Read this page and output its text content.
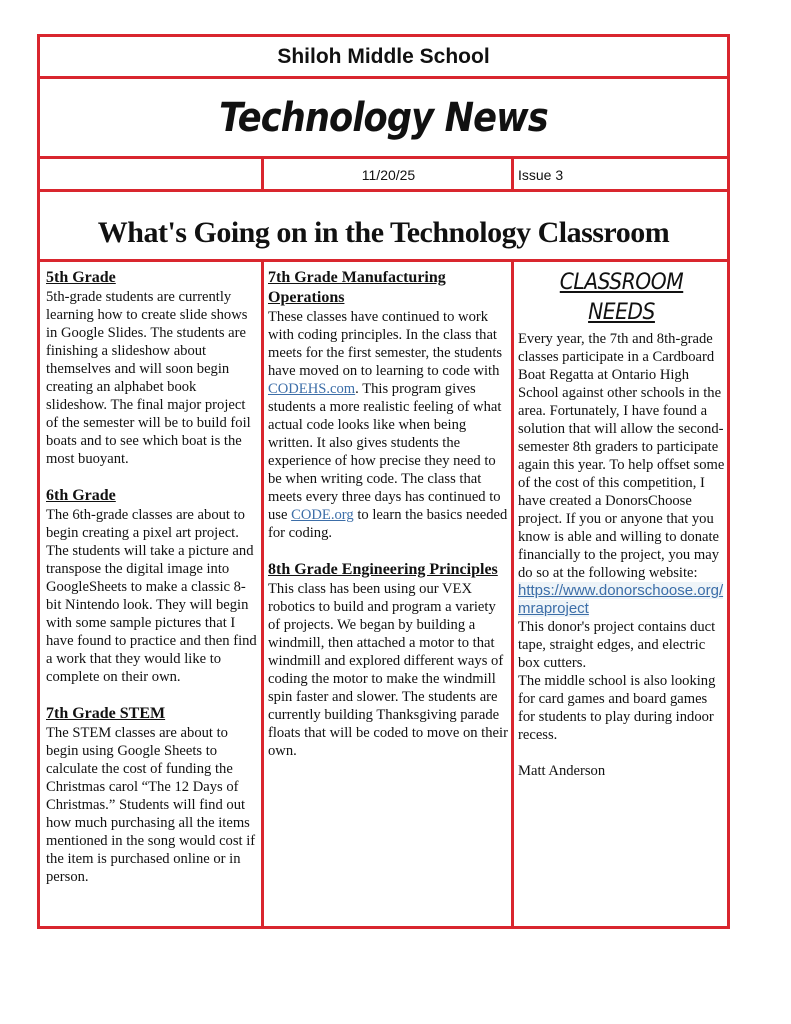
Shiloh Middle School
Technology News
11/20/25	Issue 3
What's Going on in the Technology Classroom
5th Grade

5th-grade students are currently learning how to create slide shows in Google Slides. The students are finishing a slideshow about themselves and will soon begin creating an alphabet book slideshow. The final major project of the semester will be to build foil boats and to see which boat is the most buoyant.

6th Grade

The 6th-grade classes are about to begin creating a pixel art project. The students will take a picture and transpose the digital image into GoogleSheets to make a classic 8-bit Nintendo look. They will begin with some sample pictures that I have found to practice and then find a work that they would like to complete on their own.

7th Grade STEM

The STEM classes are about to begin using Google Sheets to calculate the cost of funding the Christmas carol “The 12 Days of Christmas.” Students will find out how much purchasing all the items mentioned in the song would cost if the item is purchased online or in person.

7th Grade Manufacturing Operations

These classes have continued to work with coding principles. In the class that meets for the first semester, the students have moved on to learning to code with CODEHS.com. This program gives students a more realistic feeling of what actual code looks like when being written. It also gives students the experience of how precise they need to be when writing code. The class that meets every three days has continued to use CODE.org to learn the basics needed for coding.

8th Grade Engineering Principles

This class has been using our VEX robotics to build and program a variety of projects. We began by building a windmill, then attached a motor to that windmill and explored different ways of coding the motor to make the windmill spin faster and slower. The students are currently building Thanksgiving parade floats that will be coded to move on their own.

CLASSROOM
NEEDS

Every year, the 7th and 8th-grade classes participate in a Cardboard Boat Regatta at Ontario High School against other schools in the area. Fortunately, I have found a solution that will allow the second-semester 8th graders to participate again this year. To help offset some of the cost of this competition, I have created a DonorsChoose project. If you or anyone that you know is able and willing to donate financially to the project, you may do so at the following website:

https://www.donorschoose.org/mraproject

This donor's project contains duct tape, straight edges, and electric box cutters.

The middle school is also looking for card games and board games for students to play during indoor recess.

Matt Anderson
